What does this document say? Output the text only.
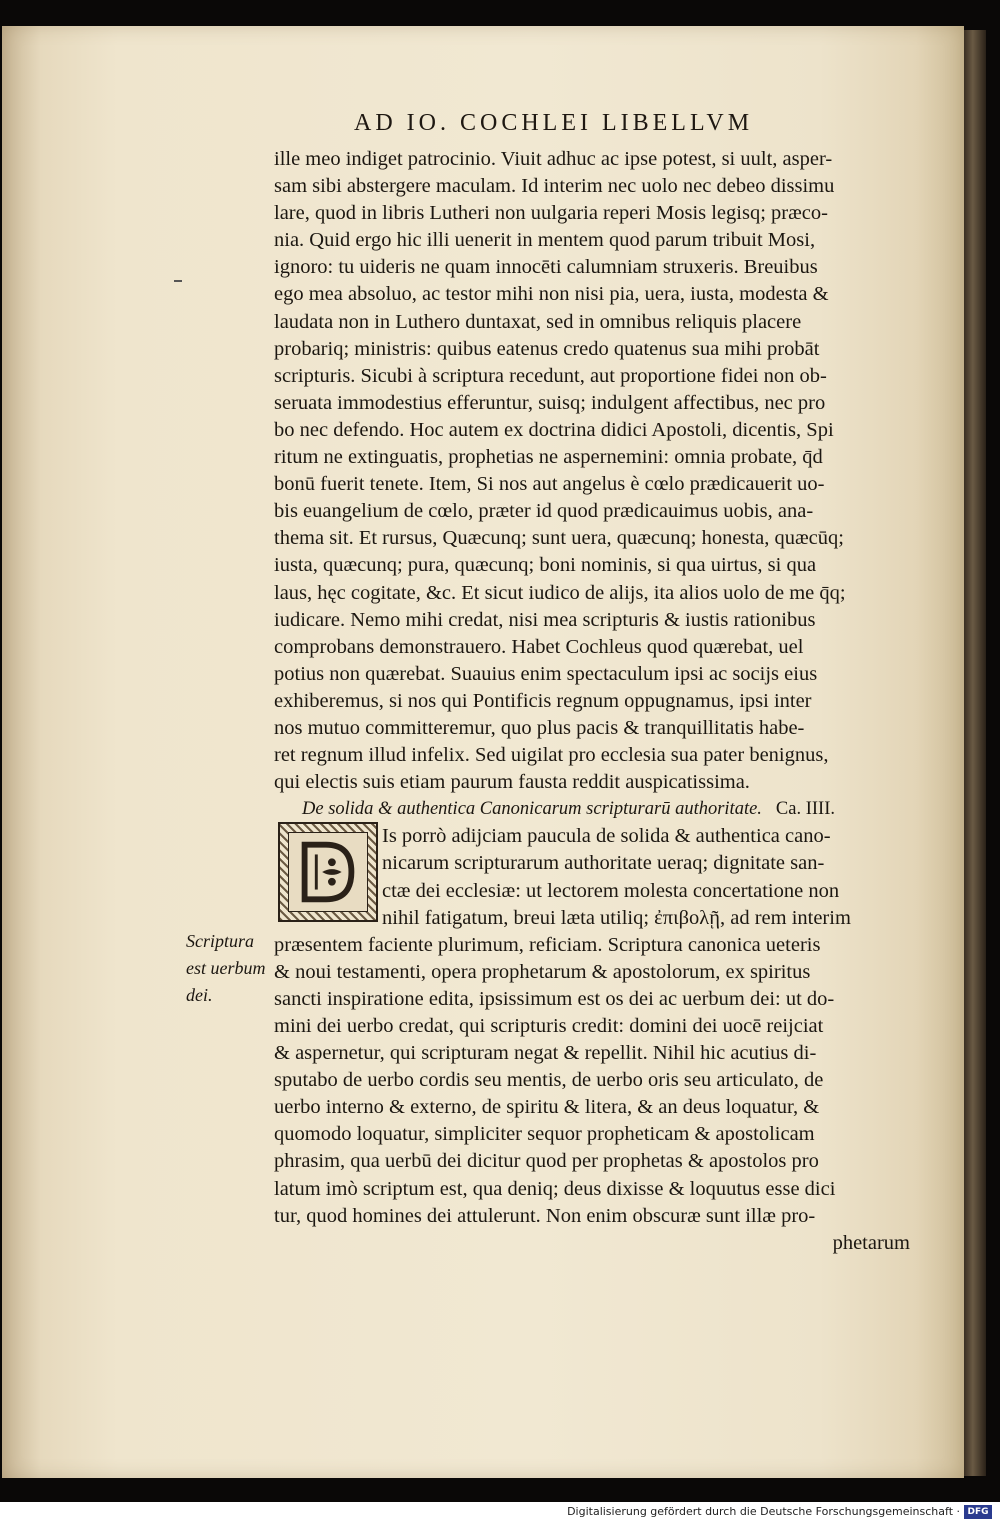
AD IO. COCHLEI LIBELLVM
ille meo indiget patrocinio. Viuit adhuc ac ipse potest, si uult, asper-
sam sibi abstergere maculam. Id interim nec uolo nec debeo dissimu
lare, quod in libris Lutheri non uulgaria reperi Mosis legisq; præco-
nia. Quid ergo hic illi uenerit in mentem quod parum tribuit Mosi,
ignoro: tu uideris ne quam innocēti calumniam struxeris. Breuibus
ego mea absoluo, ac testor mihi non nisi pia, uera, iusta, modesta &
laudata non in Luthero duntaxat, sed in omnibus reliquis placere
probariq; ministris: quibus eatenus credo quatenus sua mihi probāt
scripturis. Sicubi à scriptura recedunt, aut proportione fidei non ob-
seruata immodestius efferuntur, suisq; indulgent affectibus, nec pro
bo nec defendo. Hoc autem ex doctrina didici Apostoli, dicentis, Spi
ritum ne extinguatis, prophetias ne aspernemini: omnia probate, q̄d
bonū fuerit tenete. Item, Si nos aut angelus è cœlo prædicauerit uo-
bis euangelium de cœlo, præter id quod prædicauimus uobis, ana-
thema sit. Et rursus, Quæcunq; sunt uera, quæcunq; honesta, quæcūq;
iusta, quæcunq; pura, quæcunq; boni nominis, si qua uirtus, si qua
laus, hęc cogitate, &c. Et sicut iudico de alijs, ita alios uolo de me q̄q;
iudicare. Nemo mihi credat, nisi mea scripturis & iustis rationibus
comprobans demonstrauero. Habet Cochleus quod quærebat, uel
potius non quærebat. Suauius enim spectaculum ipsi ac socijs eius
exhiberemus, si nos qui Pontificis regnum oppugnamus, ipsi inter
nos mutuo committeremur, quo plus pacis & tranquillitatis habe-
ret regnum illud infelix. Sed uigilat pro ecclesia sua pater benignus,
qui electis suis etiam paurum fausta reddit auspicatissima.
De solida & authentica Canonicarum scripturarū authoritate. Ca. IIII.
Is porrò adijciam paucula de solida & authentica cano-
nicarum scripturarum authoritate ueraq; dignitate san-
ctæ dei ecclesiæ: ut lectorem molesta concertatione non
nihil fatigatum, breui læta utiliq; ἐπιβολῇ, ad rem interim
præsentem faciente plurimum, reficiam. Scriptura canonica ueteris
& noui testamenti, opera prophetarum & apostolorum, ex spiritus
sancti inspiratione edita, ipsissimum est os dei ac uerbum dei: ut do-
mini dei uerbo credat, qui scripturis credit: domini dei uocē reijciat
& aspernetur, qui scripturam negat & repellit. Nihil hic acutius di-
sputabo de uerbo cordis seu mentis, de uerbo oris seu articulato, de
uerbo interno & externo, de spiritu & litera, & an deus loquatur, &
quomodo loquatur, simpliciter sequor propheticam & apostolicam
phrasim, qua uerbū dei dicitur quod per prophetas & apostolos pro
latum imò scriptum est, qua deniq; deus dixisse & loquutus esse dici
tur, quod homines dei attulerunt. Non enim obscuræ sunt illæ pro-
phetarum
Scriptura
est uerbum
dei.
Digitalisierung gefördert durch die Deutsche Forschungsgemeinschaft · DFG
